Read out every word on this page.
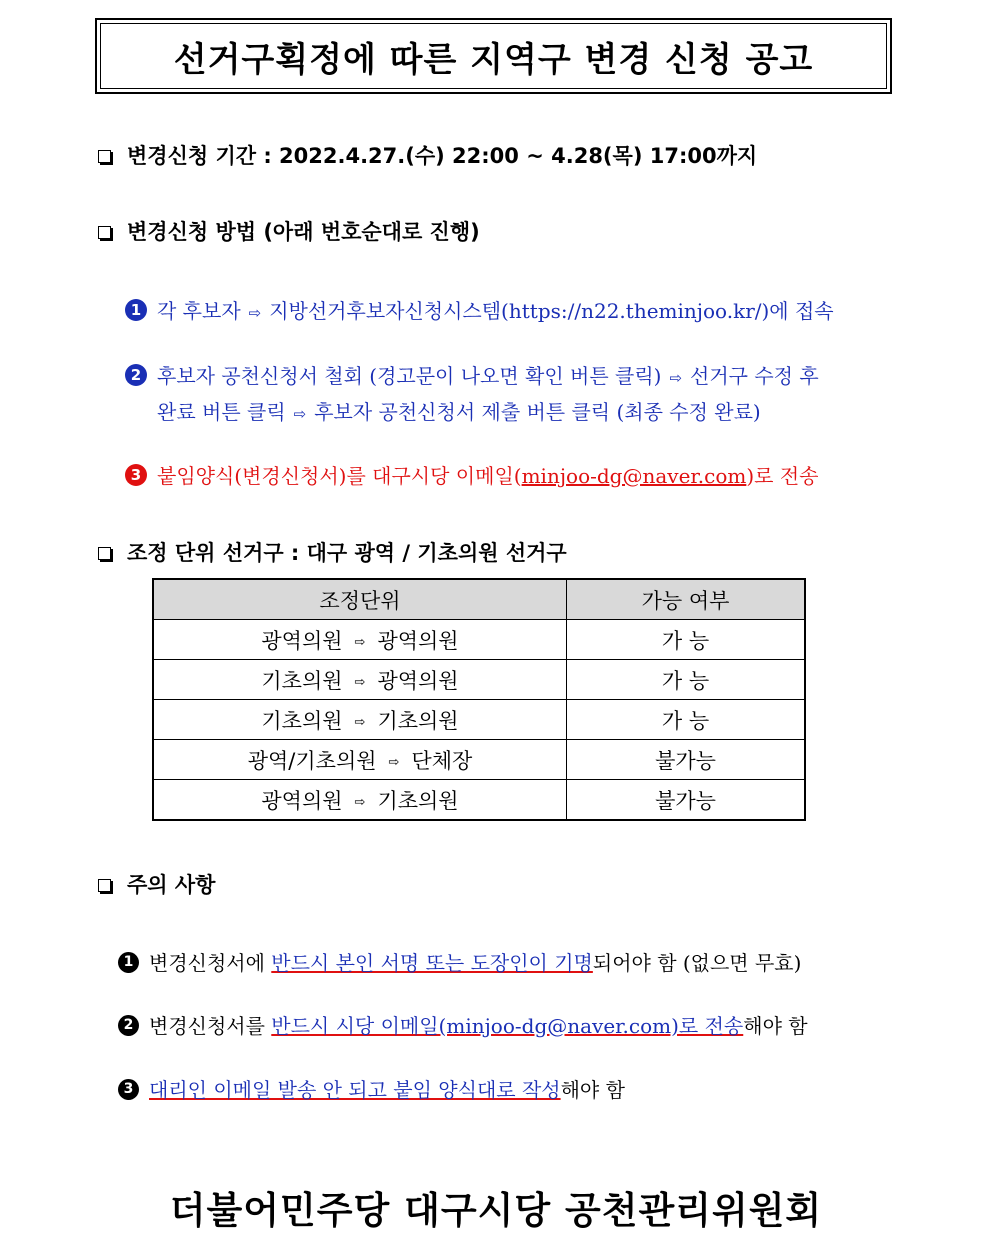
선거구획정에 따른 지역구 변경 신청 공고
변경신청 기간 : 2022.4.27.(수) 22:00 ~ 4.28(목) 17:00까지
변경신청 방법 (아래 번호순대로 진행)
1 각 후보자 ⇨ 지방선거후보자신청시스템(https://n22.theminjoo.kr/)에 접속
2 후보자 공천신청서 철회 (경고문이 나오면 확인 버튼 클릭) ⇨ 선거구 수정 후
완료 버튼 클릭 ⇨ 후보자 공천신청서 제출 버튼 클릭 (최종 수정 완료)
3 붙임양식(변경신청서)를 대구시당 이메일(minjoo-dg@naver.com)로 전송
조정 단위 선거구 : 대구 광역 / 기초의원 선거구
조정단위	가능 여부
광역의원 ⇨ 광역의원	가 능
기초의원 ⇨ 광역의원	가 능
기초의원 ⇨ 기초의원	가 능
광역/기초의원 ⇨ 단체장	불가능
광역의원 ⇨ 기초의원	불가능
주의 사항
1 변경신청서에 반드시 본인 서명 또는 도장인이 기명되어야 함 (없으면 무효)
2 변경신청서를 반드시 시당 이메일(minjoo-dg@naver.com)로 전송해야 함
3 대리인 이메일 발송 안 되고 붙임 양식대로 작성해야 함
더불어민주당 대구시당 공천관리위원회
